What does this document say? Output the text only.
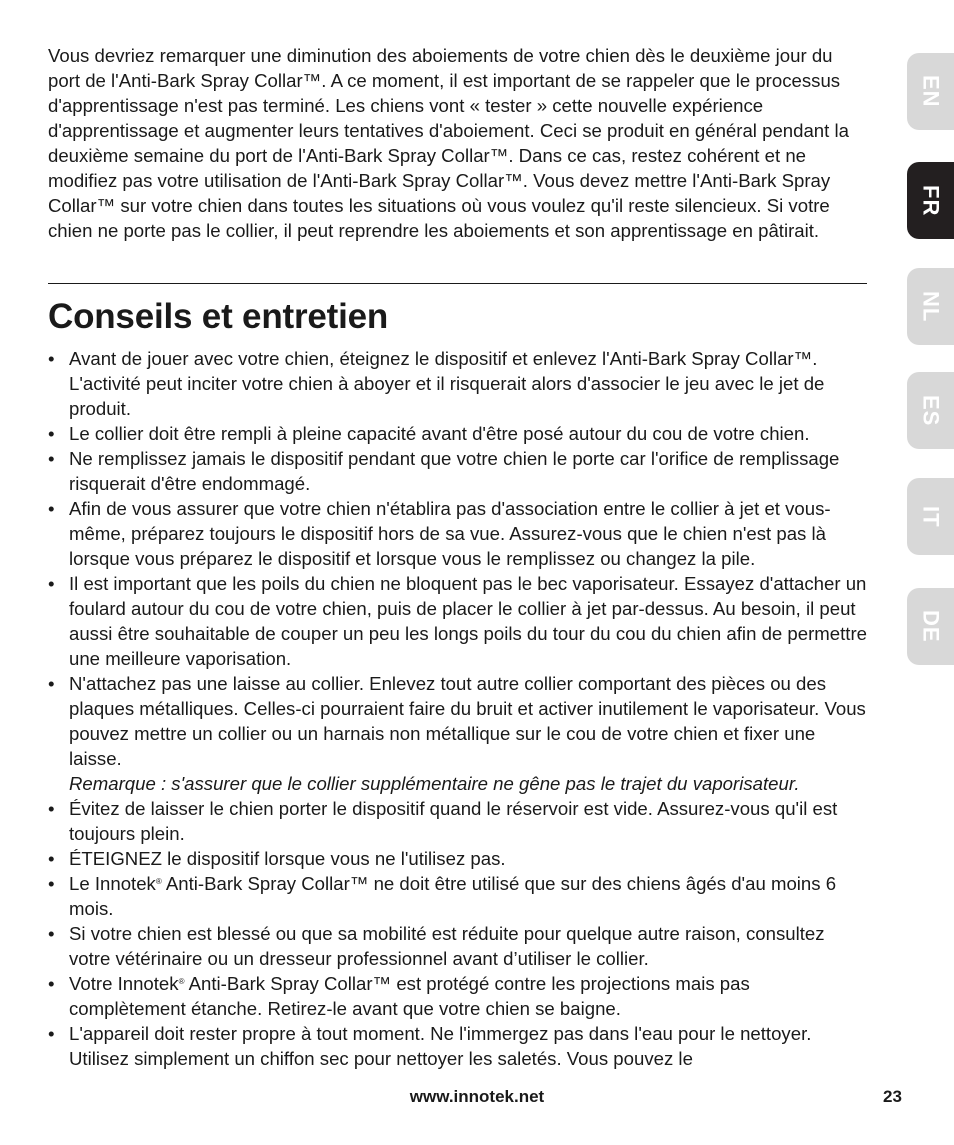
Vous devriez remarquer une diminution des aboiements de votre chien dès le deuxième jour du port de l'Anti-Bark Spray Collar™. A ce moment, il est important de se rappeler que le processus d'apprentissage n'est pas terminé. Les chiens vont « tester » cette nouvelle expérience d'apprentissage et augmenter leurs tentatives d'aboiement. Ceci se produit en général pendant la deuxième semaine du port de l'Anti-Bark Spray Collar™. Dans ce cas, restez cohérent et ne modifiez pas votre utilisation de l'Anti-Bark Spray Collar™. Vous devez mettre l'Anti-Bark Spray Collar™ sur votre chien dans toutes les situations où vous voulez qu'il reste silencieux. Si votre chien ne porte pas le collier, il peut reprendre les aboiements et son apprentissage en pâtirait.

Conseils et entretien
• Avant de jouer avec votre chien, éteignez le dispositif et enlevez l'Anti-Bark Spray Collar™. L'activité peut inciter votre chien à aboyer et il risquerait alors d'associer le jeu avec le jet de produit.
• Le collier doit être rempli à pleine capacité avant d'être posé autour du cou de votre chien.
• Ne remplissez jamais le dispositif pendant que votre chien le porte car l'orifice de remplissage risquerait d'être endommagé.
• Afin de vous assurer que votre chien n'établira pas d'association entre le collier à jet et vous-même, préparez toujours le dispositif hors de sa vue. Assurez-vous que le chien n'est pas là lorsque vous préparez le dispositif et lorsque vous le remplissez ou changez la pile.
• Il est important que les poils du chien ne bloquent pas le bec vaporisateur. Essayez d'attacher un foulard autour du cou de votre chien, puis de placer le collier à jet par-dessus. Au besoin, il peut aussi être souhaitable de couper un peu les longs poils du tour du cou du chien afin de permettre une meilleure vaporisation.
• N'attachez pas une laisse au collier. Enlevez tout autre collier comportant des pièces ou des plaques métalliques. Celles-ci pourraient faire du bruit et activer inutilement le vaporisateur. Vous pouvez mettre un collier ou un harnais non métallique sur le cou de votre chien et fixer une laisse.
Remarque : s'assurer que le collier supplémentaire ne gêne pas le trajet du vaporisateur.
• Évitez de laisser le chien porter le dispositif quand le réservoir est vide. Assurez-vous qu'il est toujours plein.
• ÉTEIGNEZ le dispositif lorsque vous ne l'utilisez pas.
• Le Innotek® Anti-Bark Spray Collar™ ne doit être utilisé que sur des chiens âgés d'au moins 6 mois.
• Si votre chien est blessé ou que sa mobilité est réduite pour quelque autre raison, consultez votre vétérinaire ou un dresseur professionnel avant d’utiliser le collier.
• Votre Innotek® Anti-Bark Spray Collar™ est protégé contre les projections mais pas complètement étanche. Retirez-le avant que votre chien se baigne.
• L'appareil doit rester propre à tout moment. Ne l'immergez pas dans l'eau pour le nettoyer. Utilisez simplement un chiffon sec pour nettoyer les saletés. Vous pouvez le
EN
FR
NL
ES
IT
DE
www.innotek.net	23
